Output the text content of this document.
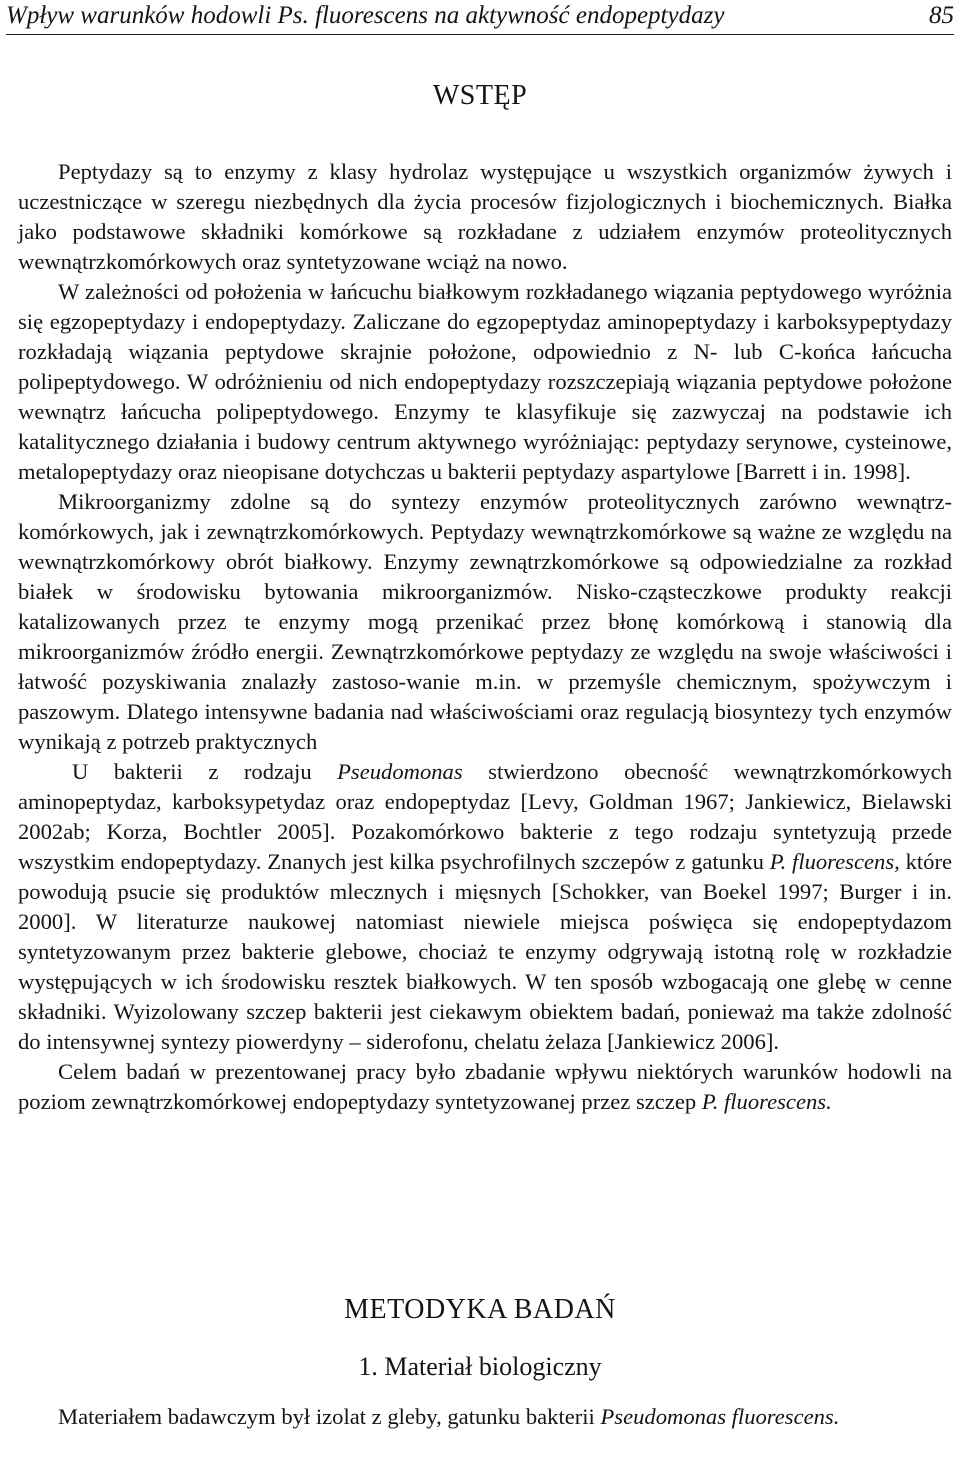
Wpływ warunków hodowli Ps. fluorescens na aktywność endopeptydazy	85
WSTĘP

Peptydazy są to enzymy z klasy hydrolaz występujące u wszystkich organizmów żywych i uczestniczące w szeregu niezbędnych dla życia procesów fizjologicznych i biochemicznych. Białka jako podstawowe składniki komórkowe są rozkładane z udziałem enzymów proteolitycznych wewnątrzkomórkowych oraz syntetyzowane wciąż na nowo.

W zależności od położenia w łańcuchu białkowym rozkładanego wiązania peptydowego wyróżnia się egzopeptydazy i endopeptydazy. Zaliczane do egzopeptydaz aminopeptydazy i karboksypeptydazy rozkładają wiązania peptydowe skrajnie położone, odpowiednio z N- lub C-końca łańcucha polipeptydowego. W odróżnieniu od nich endopeptydazy rozszczepiają wiązania peptydowe położone wewnątrz łańcucha polipeptydowego. Enzymy te klasyfikuje się zazwyczaj na podstawie ich katalitycznego działania i budowy centrum aktywnego wyróżniając: peptydazy serynowe, cysteinowe, metalopeptydazy oraz nieopisane dotychczas u bakterii peptydazy aspartylowe [Barrett i in. 1998].

Mikroorganizmy zdolne są do syntezy enzymów proteolitycznych zarówno wewnątrz-komórkowych, jak i zewnątrzkomórkowych. Peptydazy wewnątrzkomórkowe są ważne ze względu na wewnątrzkomórkowy obrót białkowy. Enzymy zewnątrzkomórkowe są odpowiedzialne za rozkład białek w środowisku bytowania mikroorganizmów. Nisko-cząsteczkowe produkty reakcji katalizowanych przez te enzymy mogą przenikać przez błonę komórkową i stanowią dla mikroorganizmów źródło energii. Zewnątrzkomórkowe peptydazy ze względu na swoje właściwości i łatwość pozyskiwania znalazły zastoso-wanie m.in. w przemyśle chemicznym, spożywczym i paszowym. Dlatego intensywne badania nad właściwościami oraz regulacją biosyntezy tych enzymów wynikają z potrzeb praktycznych

U bakterii z rodzaju Pseudomonas stwierdzono obecność wewnątrzkomórkowych aminopeptydaz, karboksypetydaz oraz endopeptydaz [Levy, Goldman 1967; Jankiewicz, Bielawski 2002ab; Korza, Bochtler 2005]. Pozakomórkowo bakterie z tego rodzaju syntetyzują przede wszystkim endopeptydazy. Znanych jest kilka psychrofilnych szczepów z gatunku P. fluorescens, które powodują psucie się produktów mlecznych i mięsnych [Schokker, van Boekel 1997; Burger i in. 2000]. W literaturze naukowej natomiast niewiele miejsca poświęca się endopeptydazom syntetyzowanym przez bakterie glebowe, chociaż te enzymy odgrywają istotną rolę w rozkładzie występujących w ich środowisku resztek białkowych. W ten sposób wzbogacają one glebę w cenne składniki. Wyizolowany szczep bakterii jest ciekawym obiektem badań, ponieważ ma także zdolność do intensywnej syntezy piowerdyny – siderofonu, chelatu żelaza [Jankiewicz 2006].

Celem badań w prezentowanej pracy było zbadanie wpływu niektórych warunków hodowli na poziom zewnątrzkomórkowej endopeptydazy syntetyzowanej przez szczep P. fluorescens.

METODYKA BADAŃ
1. Materiał biologiczny

Materiałem badawczym był izolat z gleby, gatunku bakterii Pseudomonas fluorescens.
